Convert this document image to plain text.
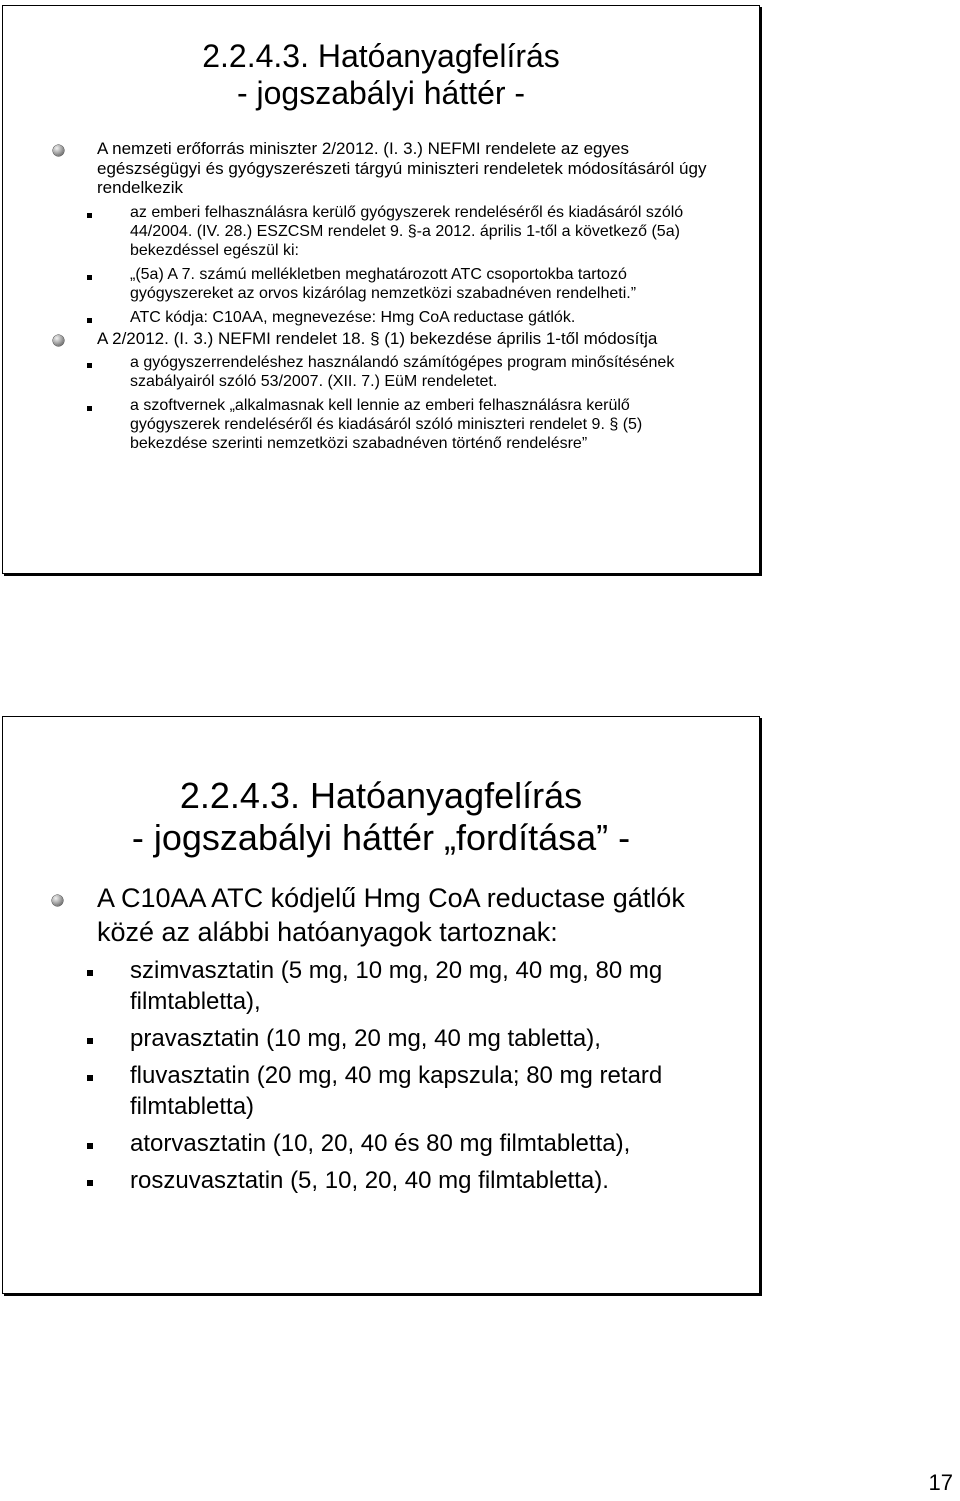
2.2.4.3. Hatóanyagfelírás
- jogszabályi háttér -
A nemzeti erőforrás miniszter 2/2012. (I. 3.) NEFMI rendelete az egyes egészségügyi és gyógyszerészeti tárgyú miniszteri rendeletek módosításáról úgy rendelkezik
az emberi felhasználásra kerülő gyógyszerek rendeléséről és kiadásáról szóló 44/2004. (IV. 28.) ESZCSM rendelet 9. §-a 2012. április 1-től a következő (5a) bekezdéssel egészül ki:
„(5a) A 7. számú mellékletben meghatározott ATC csoportokba tartozó gyógyszereket az orvos kizárólag nemzetközi szabadnéven rendelheti.”
ATC kódja: C10AA, megnevezése: Hmg CoA reductase gátlók.
A 2/2012. (I. 3.) NEFMI rendelet 18. § (1) bekezdése április 1-től módosítja
a gyógyszerrendeléshez használandó számítógépes program minősítésének szabályairól szóló 53/2007. (XII. 7.) EüM rendeletet.
a szoftvernek „alkalmasnak kell lennie az emberi felhasználásra kerülő gyógyszerek rendeléséről és kiadásáról szóló miniszteri rendelet 9. § (5) bekezdése szerinti nemzetközi szabadnéven történő rendelésre”
2.2.4.3. Hatóanyagfelírás
- jogszabályi háttér „fordítása” -
A C10AA ATC kódjelű Hmg CoA reductase gátlók közé az alábbi hatóanyagok tartoznak:
szimvasztatin (5 mg, 10 mg, 20 mg, 40 mg, 80 mg filmtabletta),
pravasztatin (10 mg, 20 mg, 40 mg tabletta),
fluvasztatin (20 mg, 40 mg kapszula; 80 mg retard filmtabletta)
atorvasztatin (10, 20, 40 és 80 mg filmtabletta),
roszuvasztatin (5, 10, 20, 40 mg filmtabletta).
17
